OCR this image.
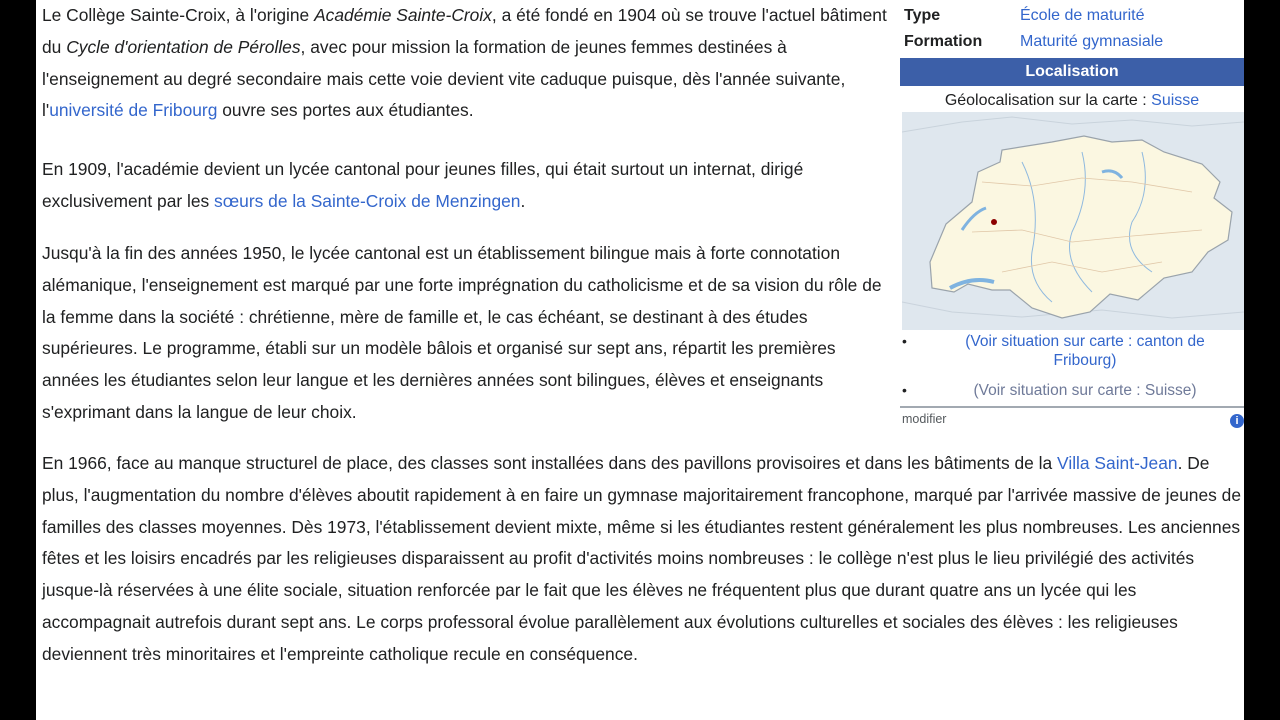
Le Collège Sainte-Croix, à l'origine Académie Sainte-Croix, a été fondé en 1904 où se trouve l'actuel bâtiment du Cycle d'orientation de Pérolles, avec pour mission la formation de jeunes femmes destinées à l'enseignement au degré secondaire mais cette voie devient vite caduque puisque, dès l'année suivante, l'université de Fribourg ouvre ses portes aux étudiantes.

En 1909, l'académie devient un lycée cantonal pour jeunes filles, qui était surtout un internat, dirigé exclusivement par les sœurs de la Sainte-Croix de Menzingen.

Jusqu'à la fin des années 1950, le lycée cantonal est un établissement bilingue mais à forte connotation alémanique, l'enseignement est marqué par une forte imprégnation du catholicisme et de sa vision du rôle de la femme dans la société : chrétienne, mère de famille et, le cas échéant, se destinant à des études supérieures. Le programme, établi sur un modèle bâlois et organisé sur sept ans, répartit les premières années les étudiantes selon leur langue et les dernières années sont bilingues, élèves et enseignants s'exprimant dans la langue de leur choix.

En 1966, face au manque structurel de place, des classes sont installées dans des pavillons provisoires et dans les bâtiments de la Villa Saint-Jean. De plus, l'augmentation du nombre d'élèves aboutit rapidement à en faire un gymnase majoritairement francophone, marqué par l'arrivée massive de jeunes de familles des classes moyennes. Dès 1973, l'établissement devient mixte, même si les étudiantes restent généralement les plus nombreuses. Les anciennes fêtes et les loisirs encadrés par les religieuses disparaissent au profit d'activités moins nombreuses : le collège n'est plus le lieu privilégié des activités jusque-là réservées à une élite sociale, situation renforcée par le fait que les élèves ne fréquentent plus que durant quatre ans un lycée qui les accompagnait autrefois durant sept ans. Le corps professoral évolue parallèlement aux évolutions culturelles et sociales des élèves : les religieuses deviennent très minoritaires et l'empreinte catholique recule en conséquence.

Type	École de maturité
Formation Maturité gymnasiale
Localisation
Géolocalisation sur la carte : Suisse
•	(Voir situation sur carte : canton de Fribourg)
•	(Voir situation sur carte : Suisse)
modifier	i
